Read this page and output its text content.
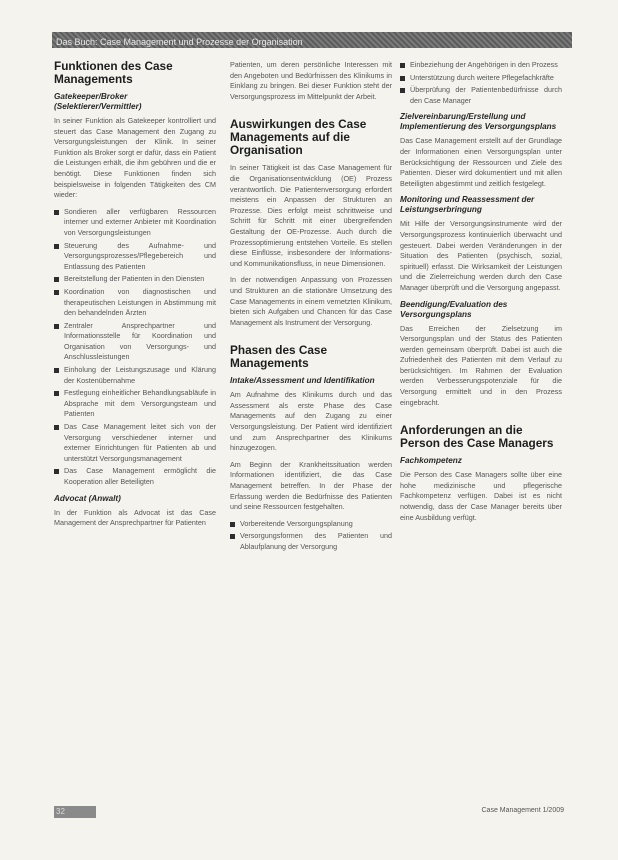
Das Buch: Case Management und Prozesse der Organisation
Funktionen des Case Managements
Gatekeeper/Broker (Selektierer/Vermittler)

In seiner Funktion als Gatekeeper kontrolliert und steuert das Case Management den Zugang zu Versorgungsleistungen der Klinik. In seiner Funktion als Broker sorgt er dafür, dass ein Patient die Leistungen erhält, die ihm gebühren und die er benötigt. Diese Funktionen finden sich beispielsweise in folgenden Tätigkeiten des CM wieder:

Sondieren aller verfügbaren Ressourcen interner und externer Anbieter mit Koordination von Versorgungsleistungen
Steuerung des Aufnahme- und Versorgungsprozesses/Pflegebereich und Entlassung des Patienten
Bereitstellung der Patienten in den Diensten
Koordination von diagnostischen und therapeutischen Leistungen in Abstimmung mit den behandelnden Ärzten
Zentraler Ansprechpartner und Informationsstelle für Koordination und Organisation von Versorgungs- und Anschlussleistungen
Einholung der Leistungszusage und Klärung der Kostenübernahme
Festlegung einheitlicher Behandlungsabläufe in Absprache mit dem Versorgungsteam und Patienten
Das Case Management leitet sich von der Versorgung verschiedener interner und externer Einrichtungen für Patienten ab und unterstützt Versorgungsmanagement
Das Case Management ermöglicht die Kooperation aller Beteiligten
Advocat (Anwalt)

In der Funktion als Advocat ist das Case Management der Ansprechpartner für Patienten

Patienten, um deren persönliche Interessen mit den Angeboten und Bedürfnissen des Klinikums in Einklang zu bringen. Bei dieser Funktion steht der Versorgungsprozess im Mittelpunkt der Arbeit.

Auswirkungen des Case Managements auf die Organisation

In seiner Tätigkeit ist das Case Management für die Organisationsentwicklung (OE) Prozess verantwortlich. Die Patientenversorgung erfordert meistens ein Anpassen der Strukturen an Prozesse. Dies erfolgt meist schrittweise und Schritt für Schritt mit einer übergreifenden Gestaltung der OE-Prozesse. Auch durch die Prozessoptimierung entstehen Vorteile. Es stellen diese Einflüsse, insbesondere der Informations- und Kommunikationsfluss, in neue Dimensionen.

In der notwendigen Anpassung von Prozessen und Strukturen an die stationäre Umsetzung des Case Managements in einem vernetzten Klinikum, bieten sich Aufgaben und Chancen für das Case Management als Instrument der Versorgung.

Phasen des Case Managements
Intake/Assessment und Identifikation

Am Aufnahme des Klinikums durch und das Assessment als erste Phase des Case Managements auf den Zugang zu einer Versorgungsleistung. Der Patient wird identifiziert und zum Ansprechpartner des Klinikums hinzugezogen.

Am Beginn der Krankheitssituation werden Informationen identifiziert, die das Case Management betreffen. In der Phase der Erfassung werden die Bedürfnisse des Patienten und seine Ressourcen festgehalten.

Vorbereitende Versorgungsplanung
Versorgungsformen des Patienten und Ablaufplanung der Versorgung
Einbeziehung der Angehörigen in den Prozess
Unterstützung durch weitere Pflegefachkräfte
Überprüfung der Patientenbedürfnisse durch den Case Manager
Zielvereinbarung/Erstellung und Implementierung des Versorgungsplans

Das Case Management erstellt auf der Grundlage der Informationen einen Versorgungsplan unter Berücksichtigung der Ressourcen und Ziele des Patienten. Dieser wird dokumentiert und mit allen Beteiligten abgestimmt und zeitlich festgelegt.

Monitoring und Reassessment der Leistungserbringung

Mit Hilfe der Versorgungsinstrumente wird der Versorgungsprozess kontinuierlich überwacht und gesteuert. Dabei werden Veränderungen in der Situation des Patienten (psychisch, sozial, spirituell) erfasst. Die Wirksamkeit der Leistungen und die Zielerreichung werden durch den Case Manager überprüft und die Versorgung angepasst.

Beendigung/Evaluation des Versorgungsplans

Das Erreichen der Zielsetzung im Versorgungsplan und der Status des Patienten werden gemeinsam überprüft. Dabei ist auch die Zufriedenheit des Patienten mit dem Verlauf zu berücksichtigen. Im Rahmen der Evaluation werden Verbesserungspotenziale für die Versorgung ermittelt und in den Prozess eingebracht.

Anforderungen an die Person des Case Managers
Fachkompetenz

Die Person des Case Managers sollte über eine hohe medizinische und pflegerische Fachkompetenz verfügen. Dabei ist es nicht notwendig, dass der Case Manager bereits über eine Ausbildung verfügt.

32	Case Management 1/2009
